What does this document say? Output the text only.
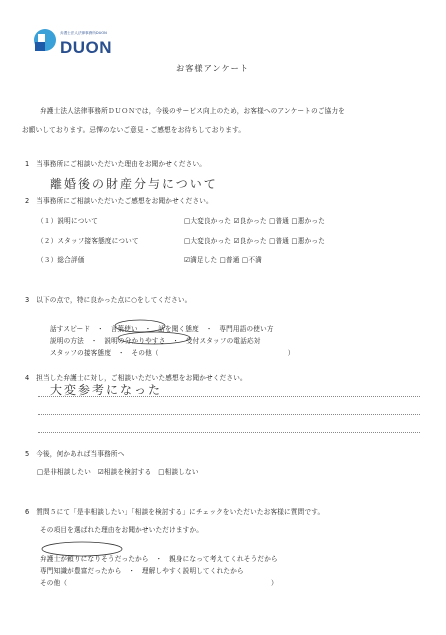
弁護士法人法律事務所DUON
DUON
お客様アンケート
弁護士法人法律事務所ＤＵＯＮでは，今後のサービス向上のため，お客様へのアンケートのご協力を
お願いしております。忌憚のないご意見・ご感想をお待ちしております。
1　当事務所にご相談いただいた理由をお聞かせください。
離婚後の財産分与について
2　当事務所にご相談いただいたご感想をお聞かせください。
（１）説明について	□大変良かった ☑良かった □普通 □悪かった
（２）スタッフ接客態度について	□大変良かった ☑良かった □普通 □悪かった
（３）総合評価	☑満足した □普通 □不満
3　以下の点で，特に良かった点に○をしてください。
話すスピード　・　言葉使い　・　話を聞く態度　・　専門用語の使い方
説明の方法　・　説明の分かりやすさ　・　受付スタッフの電話応対
スタッフの接客態度　・　その他（　　　　　　　　　　　　　　　　　　　）
4　担当した弁護士に対し，ご相談いただいた感想をお聞かせください。
大変参考になった
5　今後，何かあれば当事務所へ
□是非相談したい　☑相談を検討する　□相談しない
6　質問５にて「是非相談したい」「相談を検討する」にチェックをいただいたお客様に質問です。
その項目を選ばれた理由をお聞かせいただけますか。
弁護士が頼りになりそうだったから　・　親身になって考えてくれそうだから
専門知識が豊富だったから　・　理解しやすく説明してくれたから
その他（　　　　　　　　　　　　　　　　　　　　　　　　　　　　　　）
